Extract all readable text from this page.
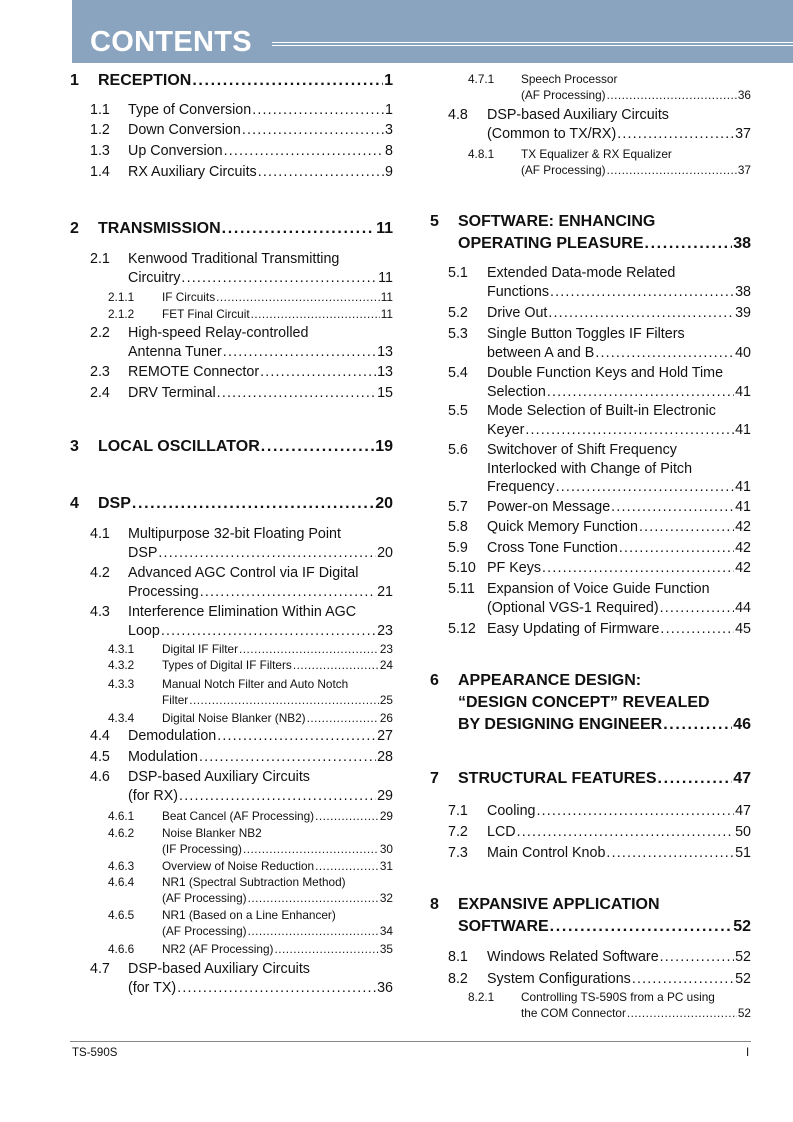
CONTENTS
1 RECEPTION . . .	1
1.1 Type of Conversion . . .	1
1.2 Down Conversion . . .	3
1.3 Up Conversion . . .	8
1.4 RX Auxiliary Circuits . . .	9
2 TRANSMISSION . . .	11
2.1 Kenwood Traditional Transmitting
Circuitry . . .	11
2.1.1 IF Circuits . . .	11
2.1.2 FET Final Circuit . . .	11
2.2 High-speed Relay-controlled
Antenna Tuner . . .	13
2.3 REMOTE Connector . . .	13
2.4 DRV Terminal . . .	15
3 LOCAL OSCILLATOR . . .	19
4 DSP . . .	20
4.1 Multipurpose 32-bit Floating Point
DSP . . .	20
4.2 Advanced AGC Control via IF Digital
Processing . . .	21
4.3 Interference Elimination Within AGC
Loop . . .	23
4.3.1 Digital IF Filter . . .	23
4.3.2 Types of Digital IF Filters . . .	24
4.3.3 Manual Notch Filter and Auto Notch
Filter . . .	25
4.3.4 Digital Noise Blanker (NB2) . . .	26
4.4 Demodulation . . .	27
4.5 Modulation . . .	28
4.6 DSP-based Auxiliary Circuits
(for RX) . . .	29
4.6.1 Beat Cancel (AF Processing) . . .	29
4.6.2 Noise Blanker NB2
(IF Processing) . . .	30
4.6.3 Overview of Noise Reduction . . .	31
4.6.4 NR1 (Spectral Subtraction Method)
(AF Processing) . . .	32
4.6.5 NR1 (Based on a Line Enhancer)
(AF Processing) . . .	34
4.6.6 NR2 (AF Processing) . . .	35
4.7 DSP-based Auxiliary Circuits
(for TX) . . .	36
4.7.1 Speech Processor
(AF Processing) . . .	36
4.8 DSP-based Auxiliary Circuits
(Common to TX/RX) . . .	37
4.8.1 TX Equalizer & RX Equalizer
(AF Processing) . . .	37
5 SOFTWARE: ENHANCING
OPERATING PLEASURE . . .	38
5.1 Extended Data-mode Related
Functions . . .	38
5.2 Drive Out . . .	39
5.3 Single Button Toggles IF Filters
between A and B . . .	40
5.4 Double Function Keys and Hold Time
Selection . . .	41
5.5 Mode Selection of Built-in Electronic
Keyer . . .	41
5.6 Switchover of Shift Frequency
Interlocked with Change of Pitch
Frequency . . .	41
5.7 Power-on Message . . .	41
5.8 Quick Memory Function . . .	42
5.9 Cross Tone Function . . .	42
5.10 PF Keys . . .	42
5.11 Expansion of Voice Guide Function
(Optional VGS-1 Required) . . .	44
5.12 Easy Updating of Firmware . . .	45
6 APPEARANCE DESIGN:
“DESIGN CONCEPT” REVEALED
BY DESIGNING ENGINEER . . .	46
7 STRUCTURAL FEATURES . . .	47
7.1 Cooling . . .	47
7.2 LCD . . .	50
7.3 Main Control Knob . . .	51
8 EXPANSIVE APPLICATION
SOFTWARE . . .	52
8.1 Windows Related Software . . .	52
8.2 System Configurations . . .	52
8.2.1 Controlling TS-590S from a PC using
the COM Connector . . .	52
TS-590S	I
